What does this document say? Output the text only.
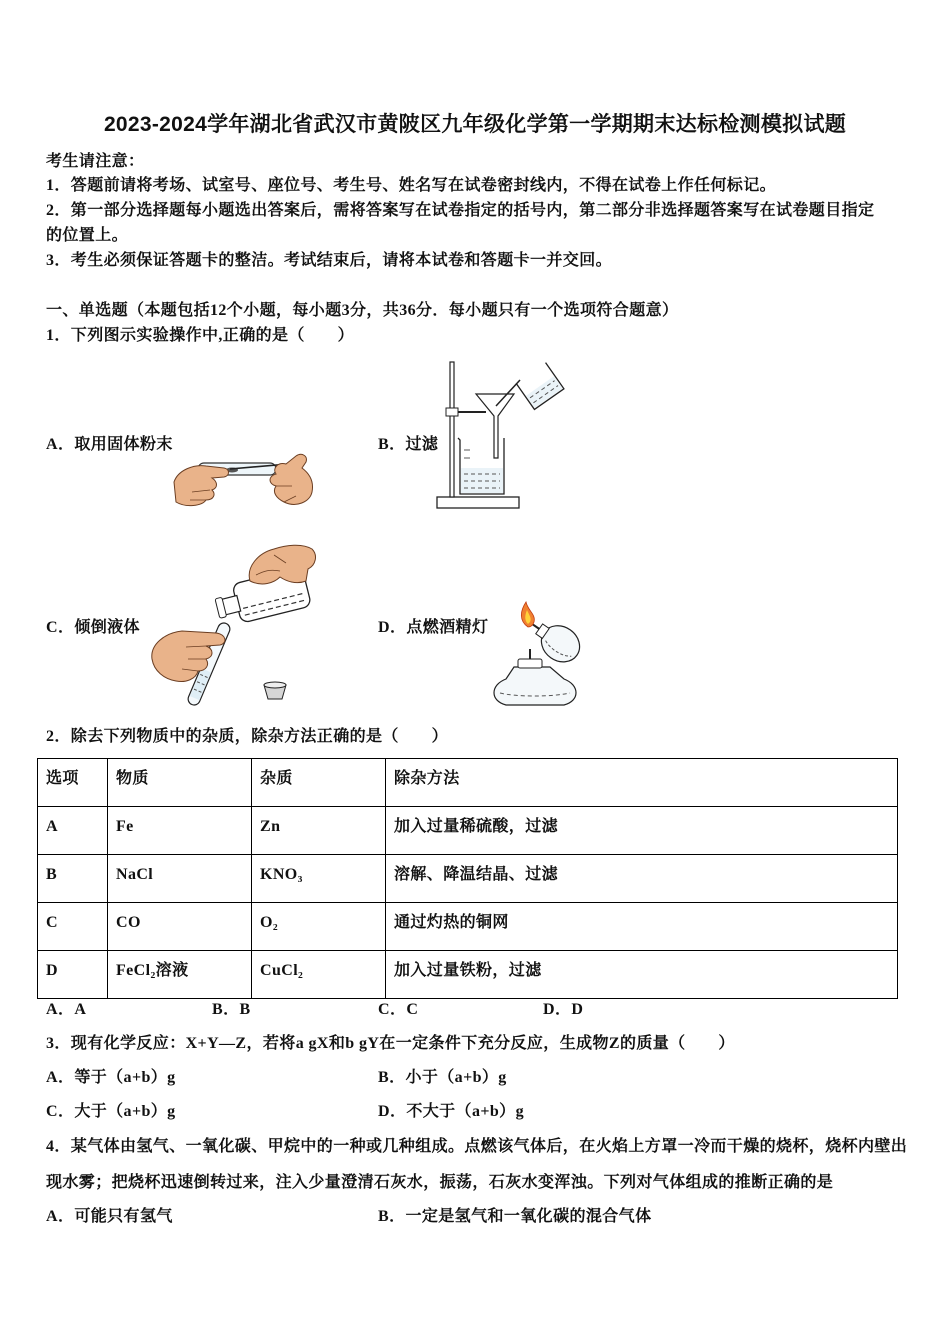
2023-2024学年湖北省武汉市黄陂区九年级化学第一学期期末达标检测模拟试题
考生请注意：
1．答题前请将考场、试室号、座位号、考生号、姓名写在试卷密封线内，不得在试卷上作任何标记。
2．第一部分选择题每小题选出答案后，需将答案写在试卷指定的括号内，第二部分非选择题答案写在试卷题目指定
的位置上。
3．考生必须保证答题卡的整洁。考试结束后，请将本试卷和答题卡一并交回。
一、单选题（本题包括12个小题，每小题3分，共36分．每小题只有一个选项符合题意）
1．下列图示实验操作中,正确的是（　　）
A．取用固体粉末	B．过滤
C．倾倒液体	D．点燃酒精灯
2．除去下列物质中的杂质，除杂方法正确的是（　　）
选项	物质	杂质	除杂方法
A	Fe	Zn	加入过量稀硫酸，过滤
B	NaCl	KNO₃	溶解、降温结晶、过滤
C	CO	O₂	通过灼热的铜网
D	FeCl₂溶液	CuCl₂	加入过量铁粉，过滤
A．A	B．B	C．C	D．D
3．现有化学反应：X+Y—Z，若将a gX和b gY在一定条件下充分反应，生成物Z的质量（　　）
A．等于（a+b）g	B．小于（a+b）g
C．大于（a+b）g	D．不大于（a+b）g
4．某气体由氢气、一氧化碳、甲烷中的一种或几种组成。点燃该气体后，在火焰上方罩一冷而干燥的烧杯，烧杯内壁出
现水雾；把烧杯迅速倒转过来，注入少量澄清石灰水，振荡，石灰水变浑浊。下列对气体组成的推断正确的是
A．可能只有氢气	B．一定是氢气和一氧化碳的混合气体
